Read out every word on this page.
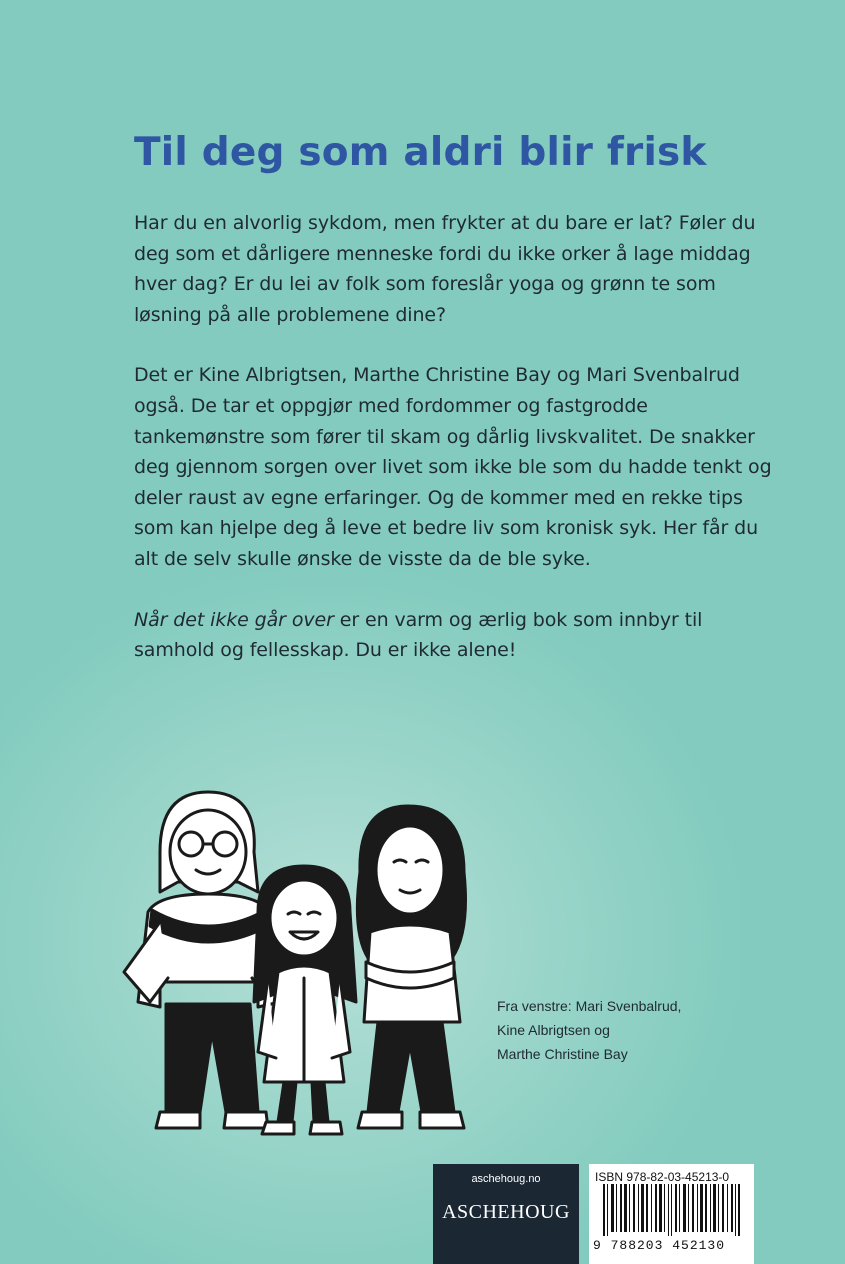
Til deg som aldri blir frisk

Har du en alvorlig sykdom, men frykter at du bare er lat? Føler du deg som et dårligere menneske fordi du ikke orker å lage middag hver dag? Er du lei av folk som foreslår yoga og grønn te som løsning på alle problemene dine?

Det er Kine Albrigtsen, Marthe Christine Bay og Mari Svenbalrud også. De tar et oppgjør med fordommer og fastgrodde tankemønstre som fører til skam og dårlig livskvalitet. De snakker deg gjennom sorgen over livet som ikke ble som du hadde tenkt og deler raust av egne erfaringer. Og de kommer med en rekke tips som kan hjelpe deg å leve et bedre liv som kronisk syk. Her får du alt de selv skulle ønske de visste da de ble syke.

Når det ikke går over er en varm og ærlig bok som innbyr til samhold og fellesskap. Du er ikke alene!

Fra venstre: Mari Svenbalrud,
Kine Albrigtsen og
Marthe Christine Bay
aschehoug.no
ASCHEHOUG
ISBN 978-82-03-45213-0
9 788203 452130
